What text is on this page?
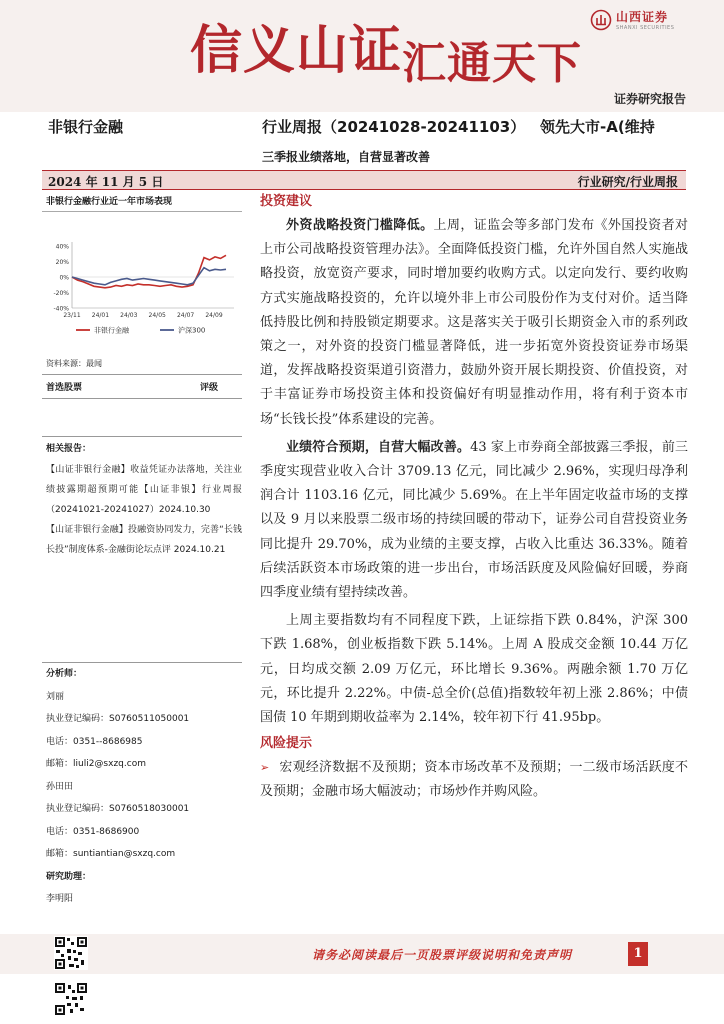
信义山证汇通天下
山西证券
SHANXI SECURITIES
证券研究报告
非银行金融	行业周报（20241028-20241103） 领先大市-A(维持
三季报业绩落地，自营显著改善
2024 年 11 月 5 日	行业研究/行业周报
非银行金融行业近一年市场表现
40%
20%
0%
-20%
-40%
23/11 24/01 24/03 24/05 24/07 24/09
非银行金融	沪深300
资料来源：最闻
首选股票	评级
相关报告：
【山证非银行金融】收益凭证办法落地，关注业绩披露期超预期可能【山证非银】行业周报（20241021-20241027）2024.10.30
【山证非银行金融】投融资协同发力，完善“长钱长投”制度体系-金融街论坛点评 2024.10.21
分析师：
刘丽
执业登记编码：S0760511050001
电话：0351--8686985
邮箱：liuli2@sxzq.com
孙田田
执业登记编码：S0760518030001
电话：0351-8686900
邮箱：suntiantian@sxzq.com
研究助理：
李明阳
投资建议

外资战略投资门槛降低。上周，证监会等多部门发布《外国投资者对上市公司战略投资管理办法》。全面降低投资门槛，允许外国自然人实施战略投资，放宽资产要求，同时增加要约收购方式。以定向发行、要约收购方式实施战略投资的，允许以境外非上市公司股份作为支付对价。适当降低持股比例和持股锁定期要求。这是落实关于吸引长期资金入市的系列政策之一，对外资的投资门槛显著降低，进一步拓宽外资投资证券市场渠道，发挥战略投资渠道引资潜力，鼓励外资开展长期投资、价值投资，对于丰富证券市场投资主体和投资偏好有明显推动作用，将有利于资本市场“长钱长投”体系建设的完善。

业绩符合预期，自营大幅改善。43 家上市券商全部披露三季报，前三季度实现营业收入合计 3709.13 亿元，同比减少 2.96%，实现归母净利润合计 1103.16 亿元，同比减少 5.69%。在上半年固定收益市场的支撑以及 9 月以来股票二级市场的持续回暖的带动下，证券公司自营投资业务同比提升 29.70%，成为业绩的主要支撑，占收入比重达 36.33%。随着后续活跃资本市场政策的进一步出台，市场活跃度及风险偏好回暖，券商四季度业绩有望持续改善。

上周主要指数均有不同程度下跌，上证综指下跌 0.84%，沪深 300 下跌 1.68%，创业板指数下跌 5.14%。上周 A 股成交金额 10.44 万亿元，日均成交额 2.09 万亿元，环比增长 9.36%。两融余额 1.70 万亿元，环比提升 2.22%。中债-总全价(总值)指数较年初上涨 2.86%；中债国债 10 年期到期收益率为 2.14%，较年初下行 41.95bp。

风险提示

➢ 宏观经济数据不及预期；资本市场改革不及预期；一二级市场活跃度不及预期；金融市场大幅波动；市场炒作并购风险。

请务必阅读最后一页股票评级说明和免责声明	1
